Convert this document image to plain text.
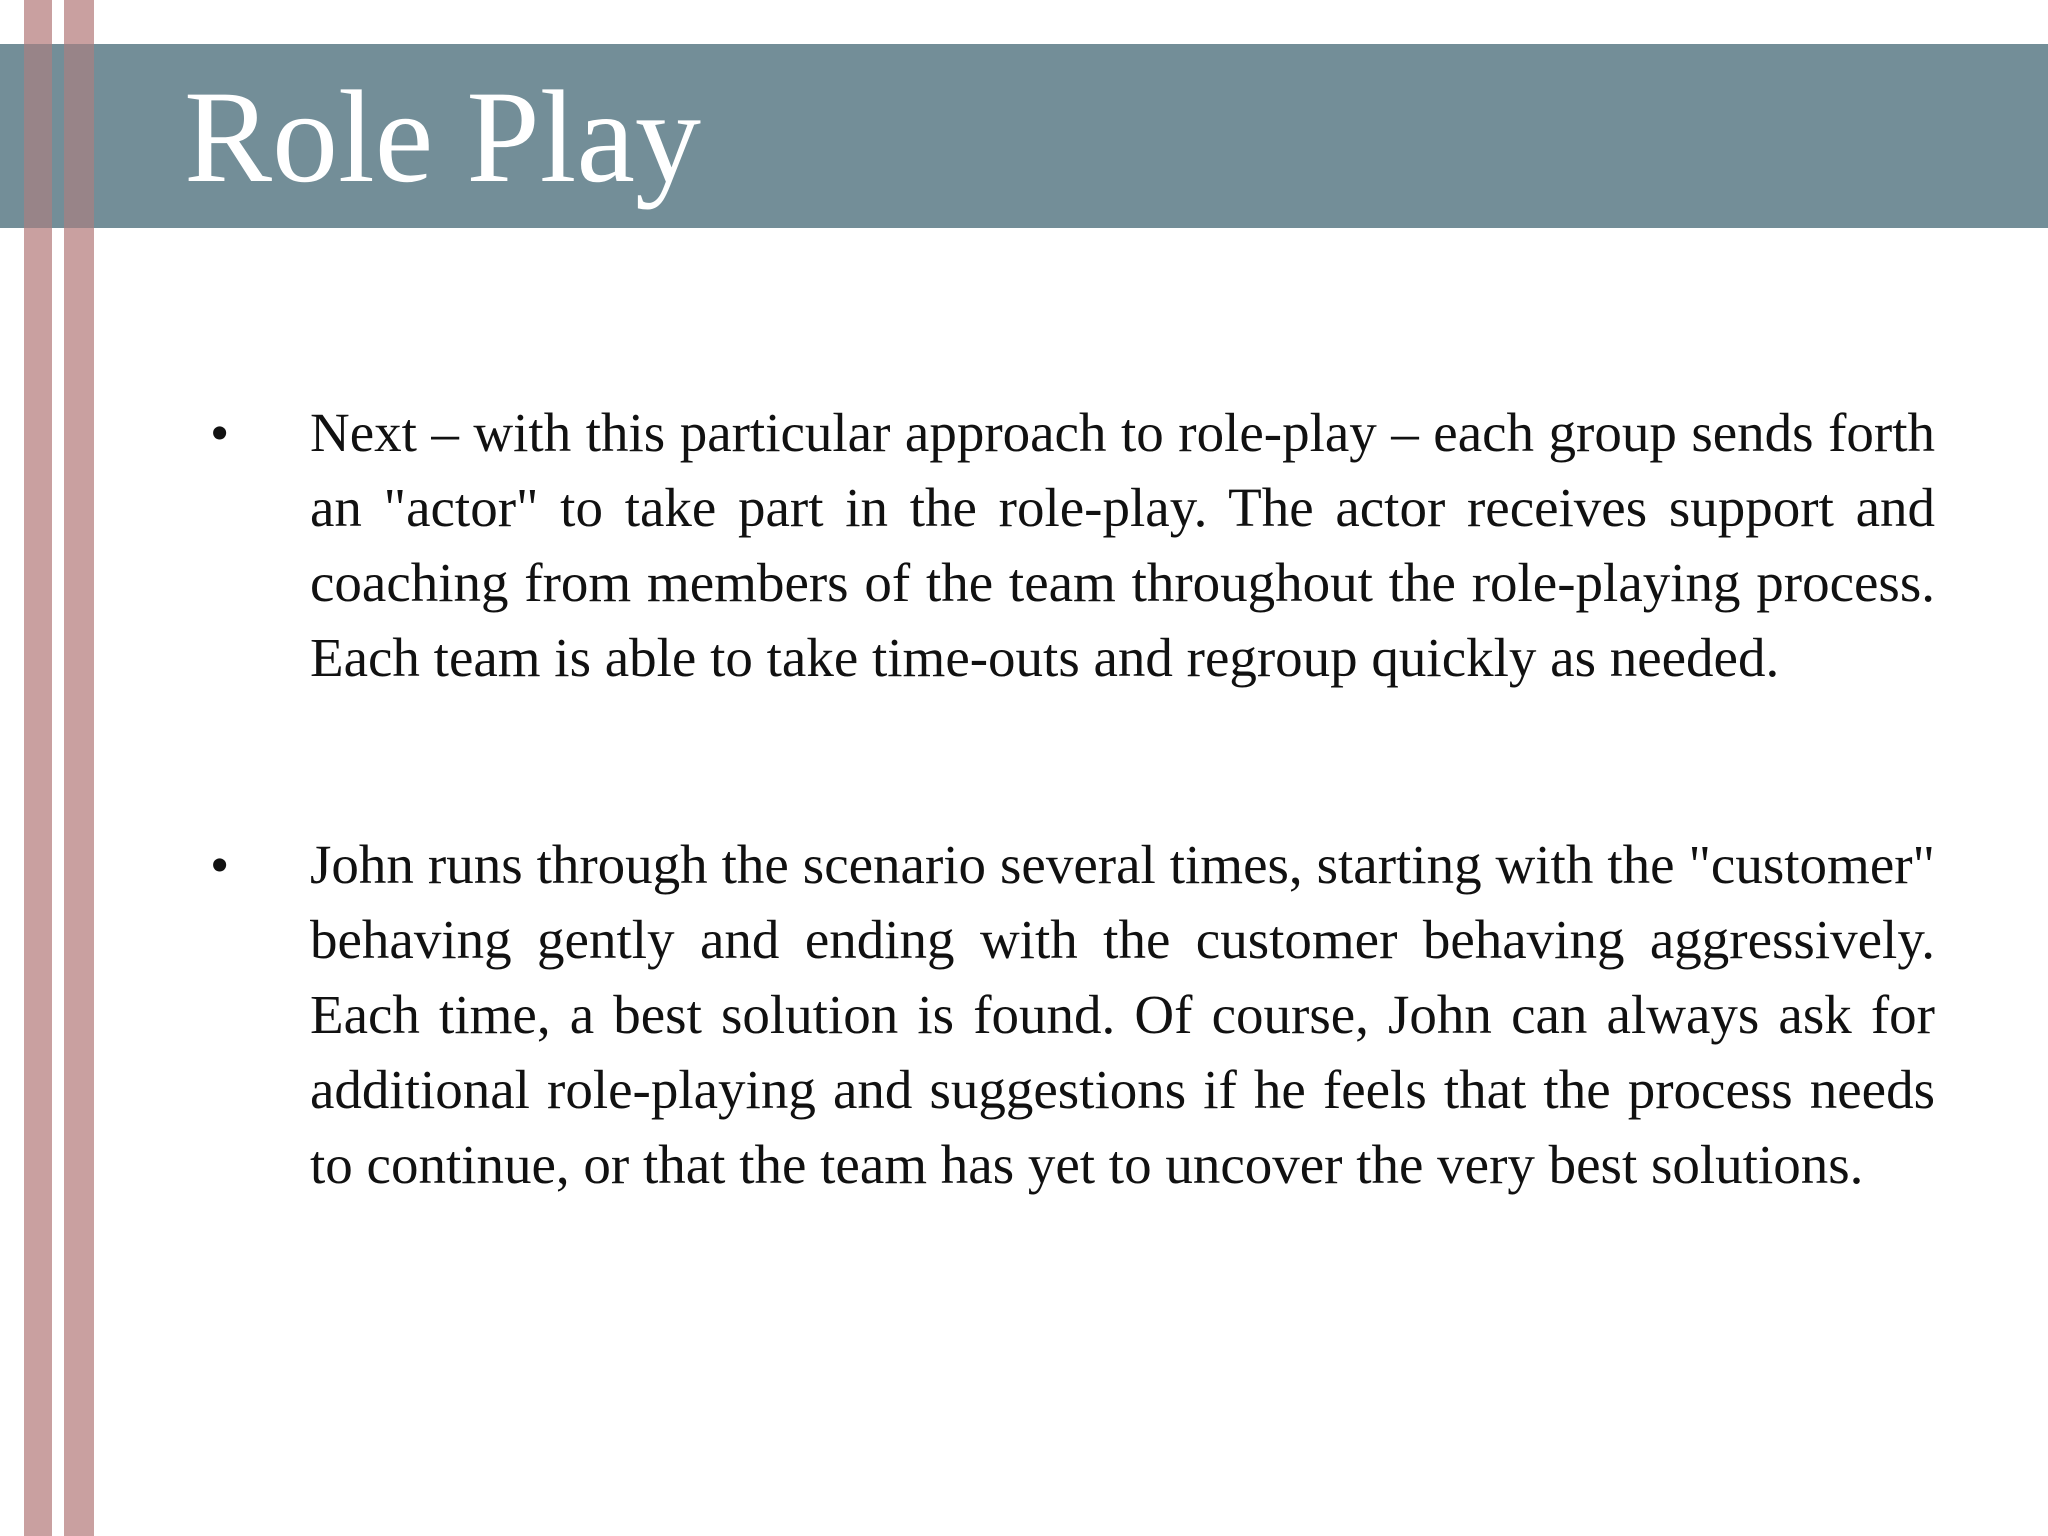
Role Play
•	Next – with this particular approach to role-play – each group sends forth an "actor" to take part in the role-play. The actor receives support and coaching from members of the team throughout the role-playing process. Each team is able to take time-outs and regroup quickly as needed.
•	John runs through the scenario several times, starting with the "customer" behaving gently and ending with the customer behaving aggressively. Each time, a best solution is found. Of course, John can always ask for additional role-playing and suggestions if he feels that the process needs to continue, or that the team has yet to uncover the very best solutions.
